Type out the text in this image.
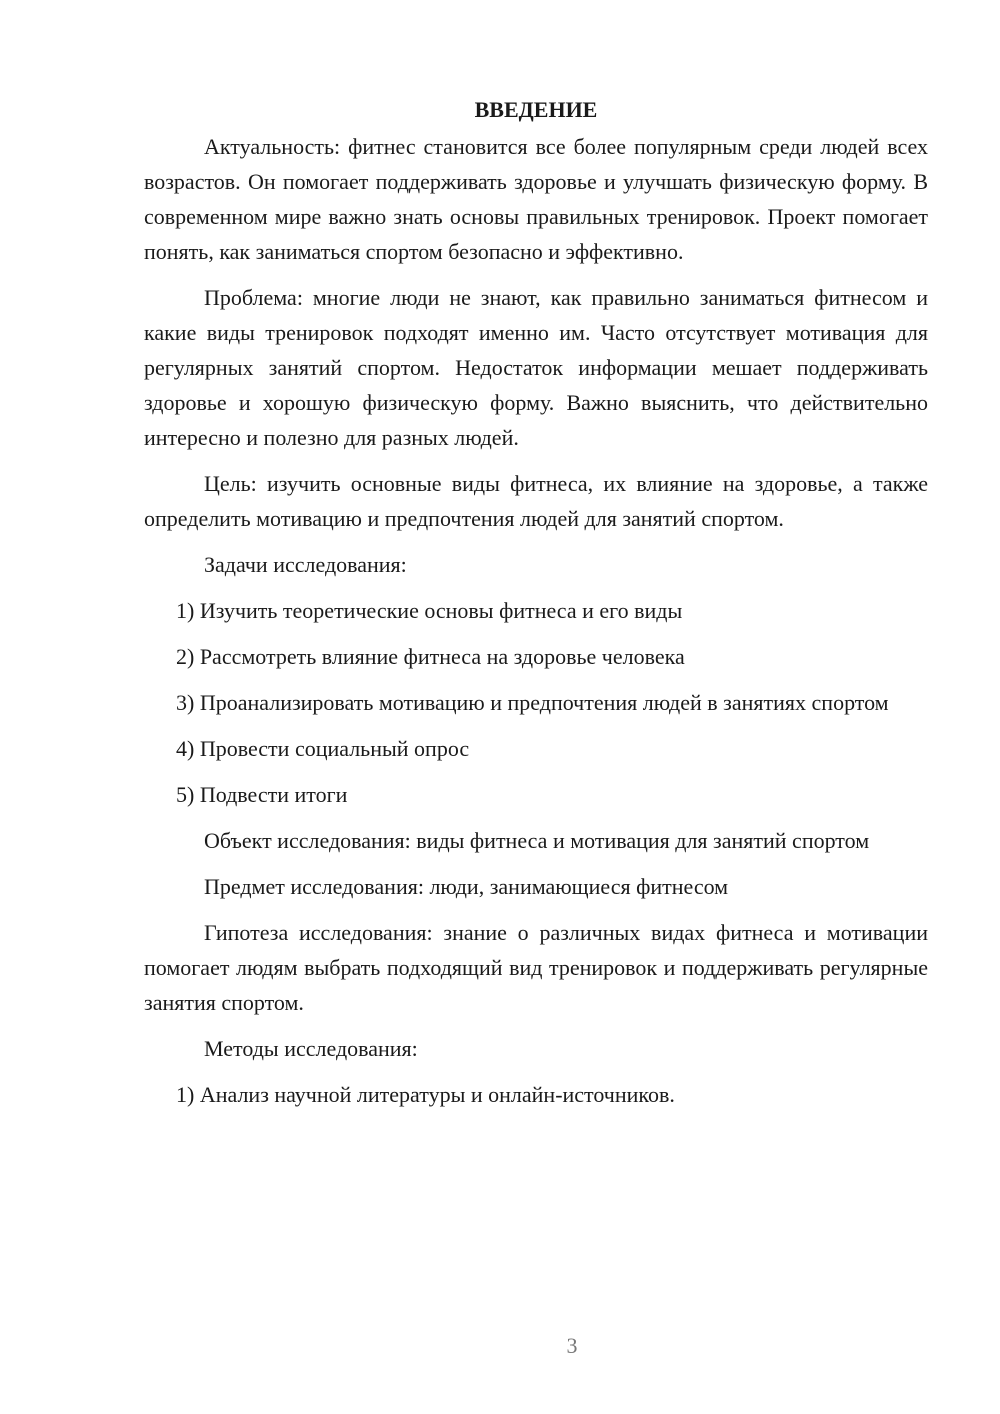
ВВЕДЕНИЕ

Актуальность: фитнес становится все более популярным среди людей всех возрастов. Он помогает поддерживать здоровье и улучшать физическую форму. В современном мире важно знать основы правильных тренировок. Проект помогает понять, как заниматься спортом безопасно и эффективно.

Проблема: многие люди не знают, как правильно заниматься фитнесом и какие виды тренировок подходят именно им. Часто отсутствует мотивация для регулярных занятий спортом. Недостаток информации мешает поддерживать здоровье и хорошую физическую форму. Важно выяснить, что действительно интересно и полезно для разных людей.

Цель: изучить основные виды фитнеса, их влияние на здоровье, а также определить мотивацию и предпочтения людей для занятий спортом.

Задачи исследования:

1) Изучить теоретические основы фитнеса и его виды

2) Рассмотреть влияние фитнеса на здоровье человека

3) Проанализировать мотивацию и предпочтения людей в занятиях спортом

4) Провести социальный опрос

5) Подвести итоги

Объект исследования: виды фитнеса и мотивация для занятий спортом

Предмет исследования: люди, занимающиеся фитнесом

Гипотеза исследования: знание о различных видах фитнеса и мотивации помогает людям выбрать подходящий вид тренировок и поддерживать регулярные занятия спортом.

Методы исследования:

1) Анализ научной литературы и онлайн-источников.

3
